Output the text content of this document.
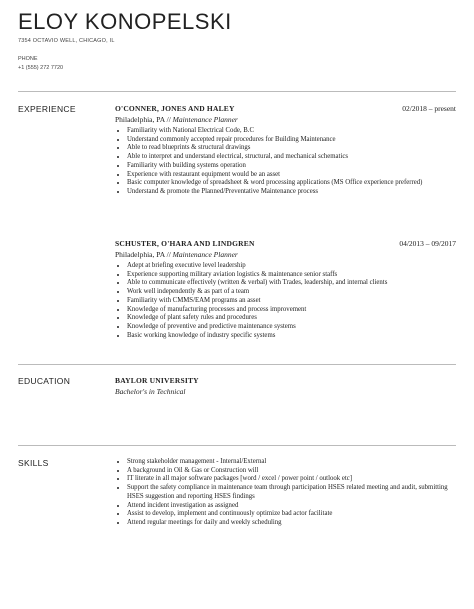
ELOY KONOPELSKI
7354 OCTAVIO WELL, CHICAGO, IL
PHONE
+1 (555) 272 7720
EXPERIENCE	O'CONNER, JONES AND HALEY	02/2018 – present
Philadelphia, PA // Maintenance Planner
• Familiarity with National Electrical Code, B.C
• Understand commonly accepted repair procedures for Building Maintenance
• Able to read blueprints & structural drawings
• Able to interpret and understand electrical, structural, and mechanical schematics
• Familiarity with building systems operation
• Experience with restaurant equipment would be an asset
• Basic computer knowledge of spreadsheet & word processing applications (MS Office experience preferred)
• Understand & promote the Planned/Preventative Maintenance process
SCHUSTER, O'HARA AND LINDGREN	04/2013 – 09/2017
Philadelphia, PA // Maintenance Planner
• Adept at briefing executive level leadership
• Experience supporting military aviation logistics & maintenance senior staffs
• Able to communicate effectively (written & verbal) with Trades, leadership, and internal clients
• Work well independently & as part of a team
• Familiarity with CMMS/EAM programs an asset
• Knowledge of manufacturing processes and process improvement
• Knowledge of plant safety rules and procedures
• Knowledge of preventive and predictive maintenance systems
• Basic working knowledge of industry specific systems
EDUCATION	BAYLOR UNIVERSITY
Bachelor's in Technical
SKILLS
•	Strong stakeholder management - Internal/External
• A background in Oil & Gas or Construction will
• IT literate in all major software packages [word / excel / power point / outlook etc]
• Support the safety compliance in maintenance team through participation HSES related meeting and audit, submitting HSES suggestion and reporting HSES findings
• Attend incident investigation as assigned
• Assist to develop, implement and continuously optimize bad actor facilitate
• Attend regular meetings for daily and weekly scheduling
